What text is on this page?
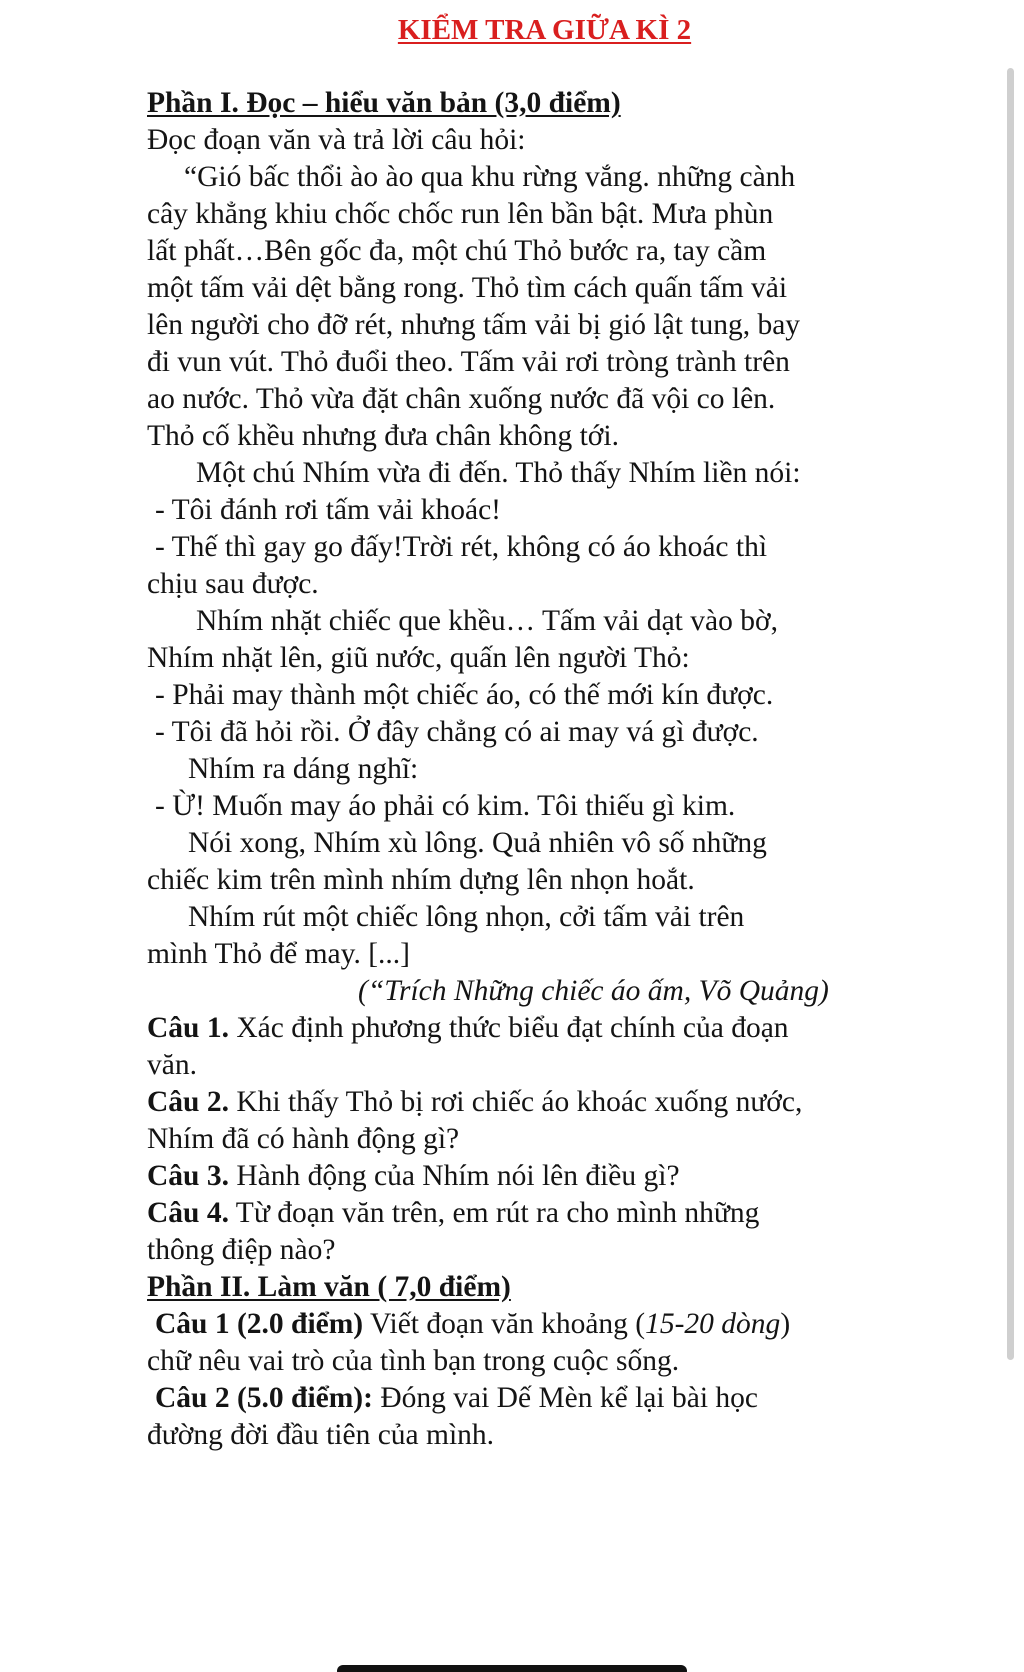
KIỂM TRA GIỮA KÌ 2
Phần I. Đọc – hiểu văn bản (3,0 điểm)
Đọc đoạn văn và trả lời câu hỏi:
“Gió bấc thổi ào ào qua khu rừng vắng. những cành
cây khẳng khiu chốc chốc run lên bần bật. Mưa phùn
lất phất…Bên gốc đa, một chú Thỏ bước ra, tay cầm
một tấm vải dệt bằng rong. Thỏ tìm cách quấn tấm vải
lên người cho đỡ rét, nhưng tấm vải bị gió lật tung, bay
đi vun vút. Thỏ đuổi theo. Tấm vải rơi tròng trành trên
ao nước. Thỏ vừa đặt chân xuống nước đã vội co lên.
Thỏ cố khều nhưng đưa chân không tới.
Một chú Nhím vừa đi đến. Thỏ thấy Nhím liền nói:
- Tôi đánh rơi tấm vải khoác!
- Thế thì gay go đấy!Trời rét, không có áo khoác thì
chịu sau được.
Nhím nhặt chiếc que khều… Tấm vải dạt vào bờ,
Nhím nhặt lên, giũ nước, quấn lên người Thỏ:
- Phải may thành một chiếc áo, có thế mới kín được.
- Tôi đã hỏi rồi. Ở đây chẳng có ai may vá gì được.
Nhím ra dáng nghĩ:
- Ừ! Muốn may áo phải có kim. Tôi thiếu gì kim.
Nói xong, Nhím xù lông. Quả nhiên vô số những
chiếc kim trên mình nhím dựng lên nhọn hoắt.
Nhím rút một chiếc lông nhọn, cởi tấm vải trên
mình Thỏ để may. [...]
(“Trích Những chiếc áo ấm, Võ Quảng)
Câu 1. Xác định phương thức biểu đạt chính của đoạn
văn.
Câu 2. Khi thấy Thỏ bị rơi chiếc áo khoác xuống nước,
Nhím đã có hành động gì?
Câu 3. Hành động của Nhím nói lên điều gì?
Câu 4. Từ đoạn văn trên, em rút ra cho mình những
thông điệp nào?
Phần II. Làm văn ( 7,0 điểm)
Câu 1 (2.0 điểm) Viết đoạn văn khoảng (15-20 dòng)
chữ nêu vai trò của tình bạn trong cuộc sống.
Câu 2 (5.0 điểm): Đóng vai Dế Mèn kể lại bài học
đường đời đầu tiên của mình.
